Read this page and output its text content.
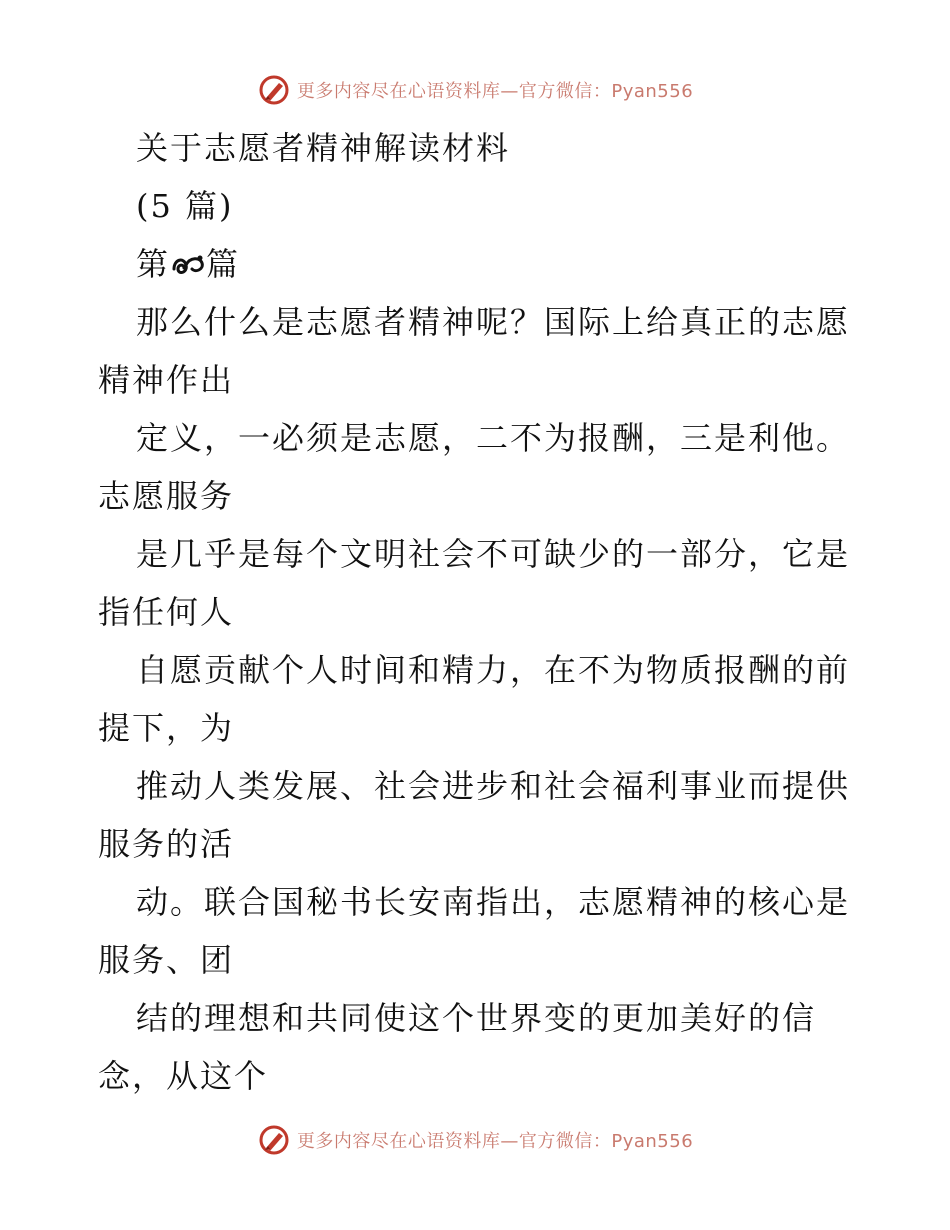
更多内容尽在心语资料库—官方微信：Pyan556
关于志愿者精神解读材料
(5 篇)
第 篇
那么什么是志愿者精神呢？国际上给真正的志愿
精神作出
定义，一必须是志愿，二不为报酬，三是利他。
志愿服务
是几乎是每个文明社会不可缺少的一部分，它是
指任何人
自愿贡献个人时间和精力，在不为物质报酬的前
提下，为
推动人类发展、社会进步和社会福利事业而提供
服务的活
动。联合国秘书长安南指出，志愿精神的核心是
服务、团
结的理想和共同使这个世界变的更加美好的信
念，从这个
更多内容尽在心语资料库—官方微信：Pyan556
